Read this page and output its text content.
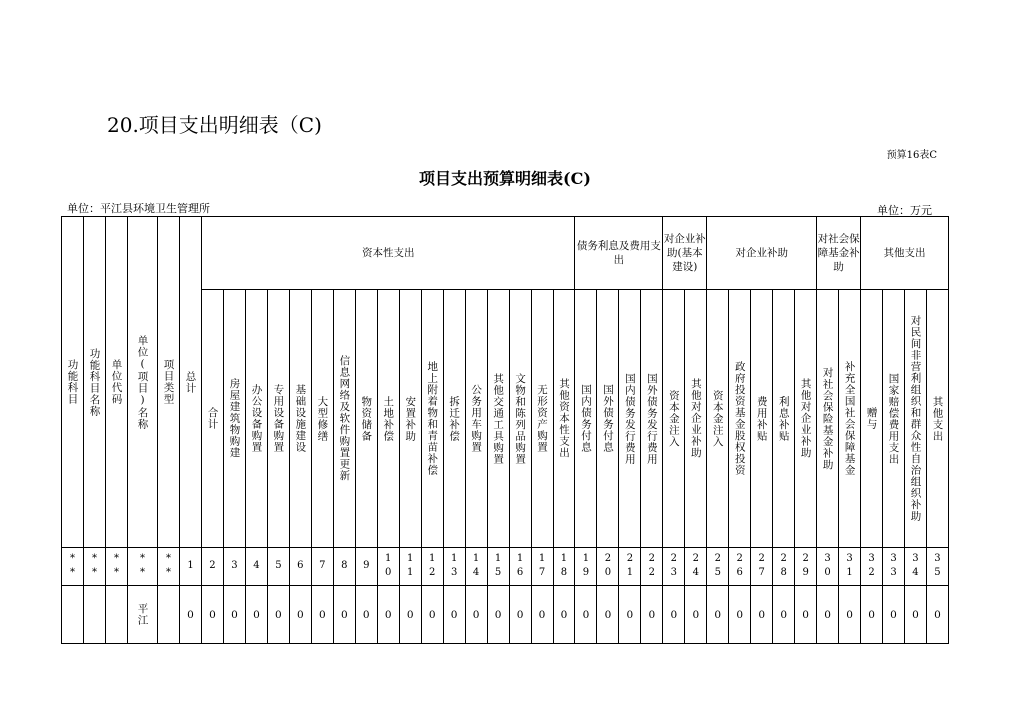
20.项目支出明细表（C)
预算16表C
项目支出预算明细表(C)
单位：平江县环境卫生管理所	单位：万元
功能科目	功能科目名称	单位代码	单位(项目)名称	项目类型	总计	资本性支出																	债务利息及费用支出				对企业补助(基本建设)		对企业补助					对社会保障基金补助		其他支出			

						合计	房屋建筑物购建	办公设备购置	专用设备购置	基础设施建设	大型修缮	信息网络及软件购置更新	物资储备	土地补偿	安置补助	地上附着物和青苗补偿	拆迁补偿	公务用车购置	其他交通工具购置	文物和陈列品购置	无形资产购置	其他资本性支出	国内债务付息	国外债务付息	国内债务发行费用	国外债务发行费用	资本金注入	其他对企业补助	资本金注入	政府投资基金股权投资	费用补贴	利息补贴	其他对企业补助	对社会保险基金补助	补充全国社会保障基金	赠与	国家赔偿费用支出	对民间非营利组织和群众性自治组织补助	其他支出

**	**	**	**	**	1	2	3	4	5	6	7	8	9	10	11	12	13	14	15	16	17	18	19	20	21	22	23	24	25	26	27	28	29	30	31	32	33	34	35

			平江		0	0	0	0	0	0	0	0	0	0	0	0	0	0	0	0	0	0	0	0	0	0	0	0	0	0	0	0	0	0	0	0	0	0	0
